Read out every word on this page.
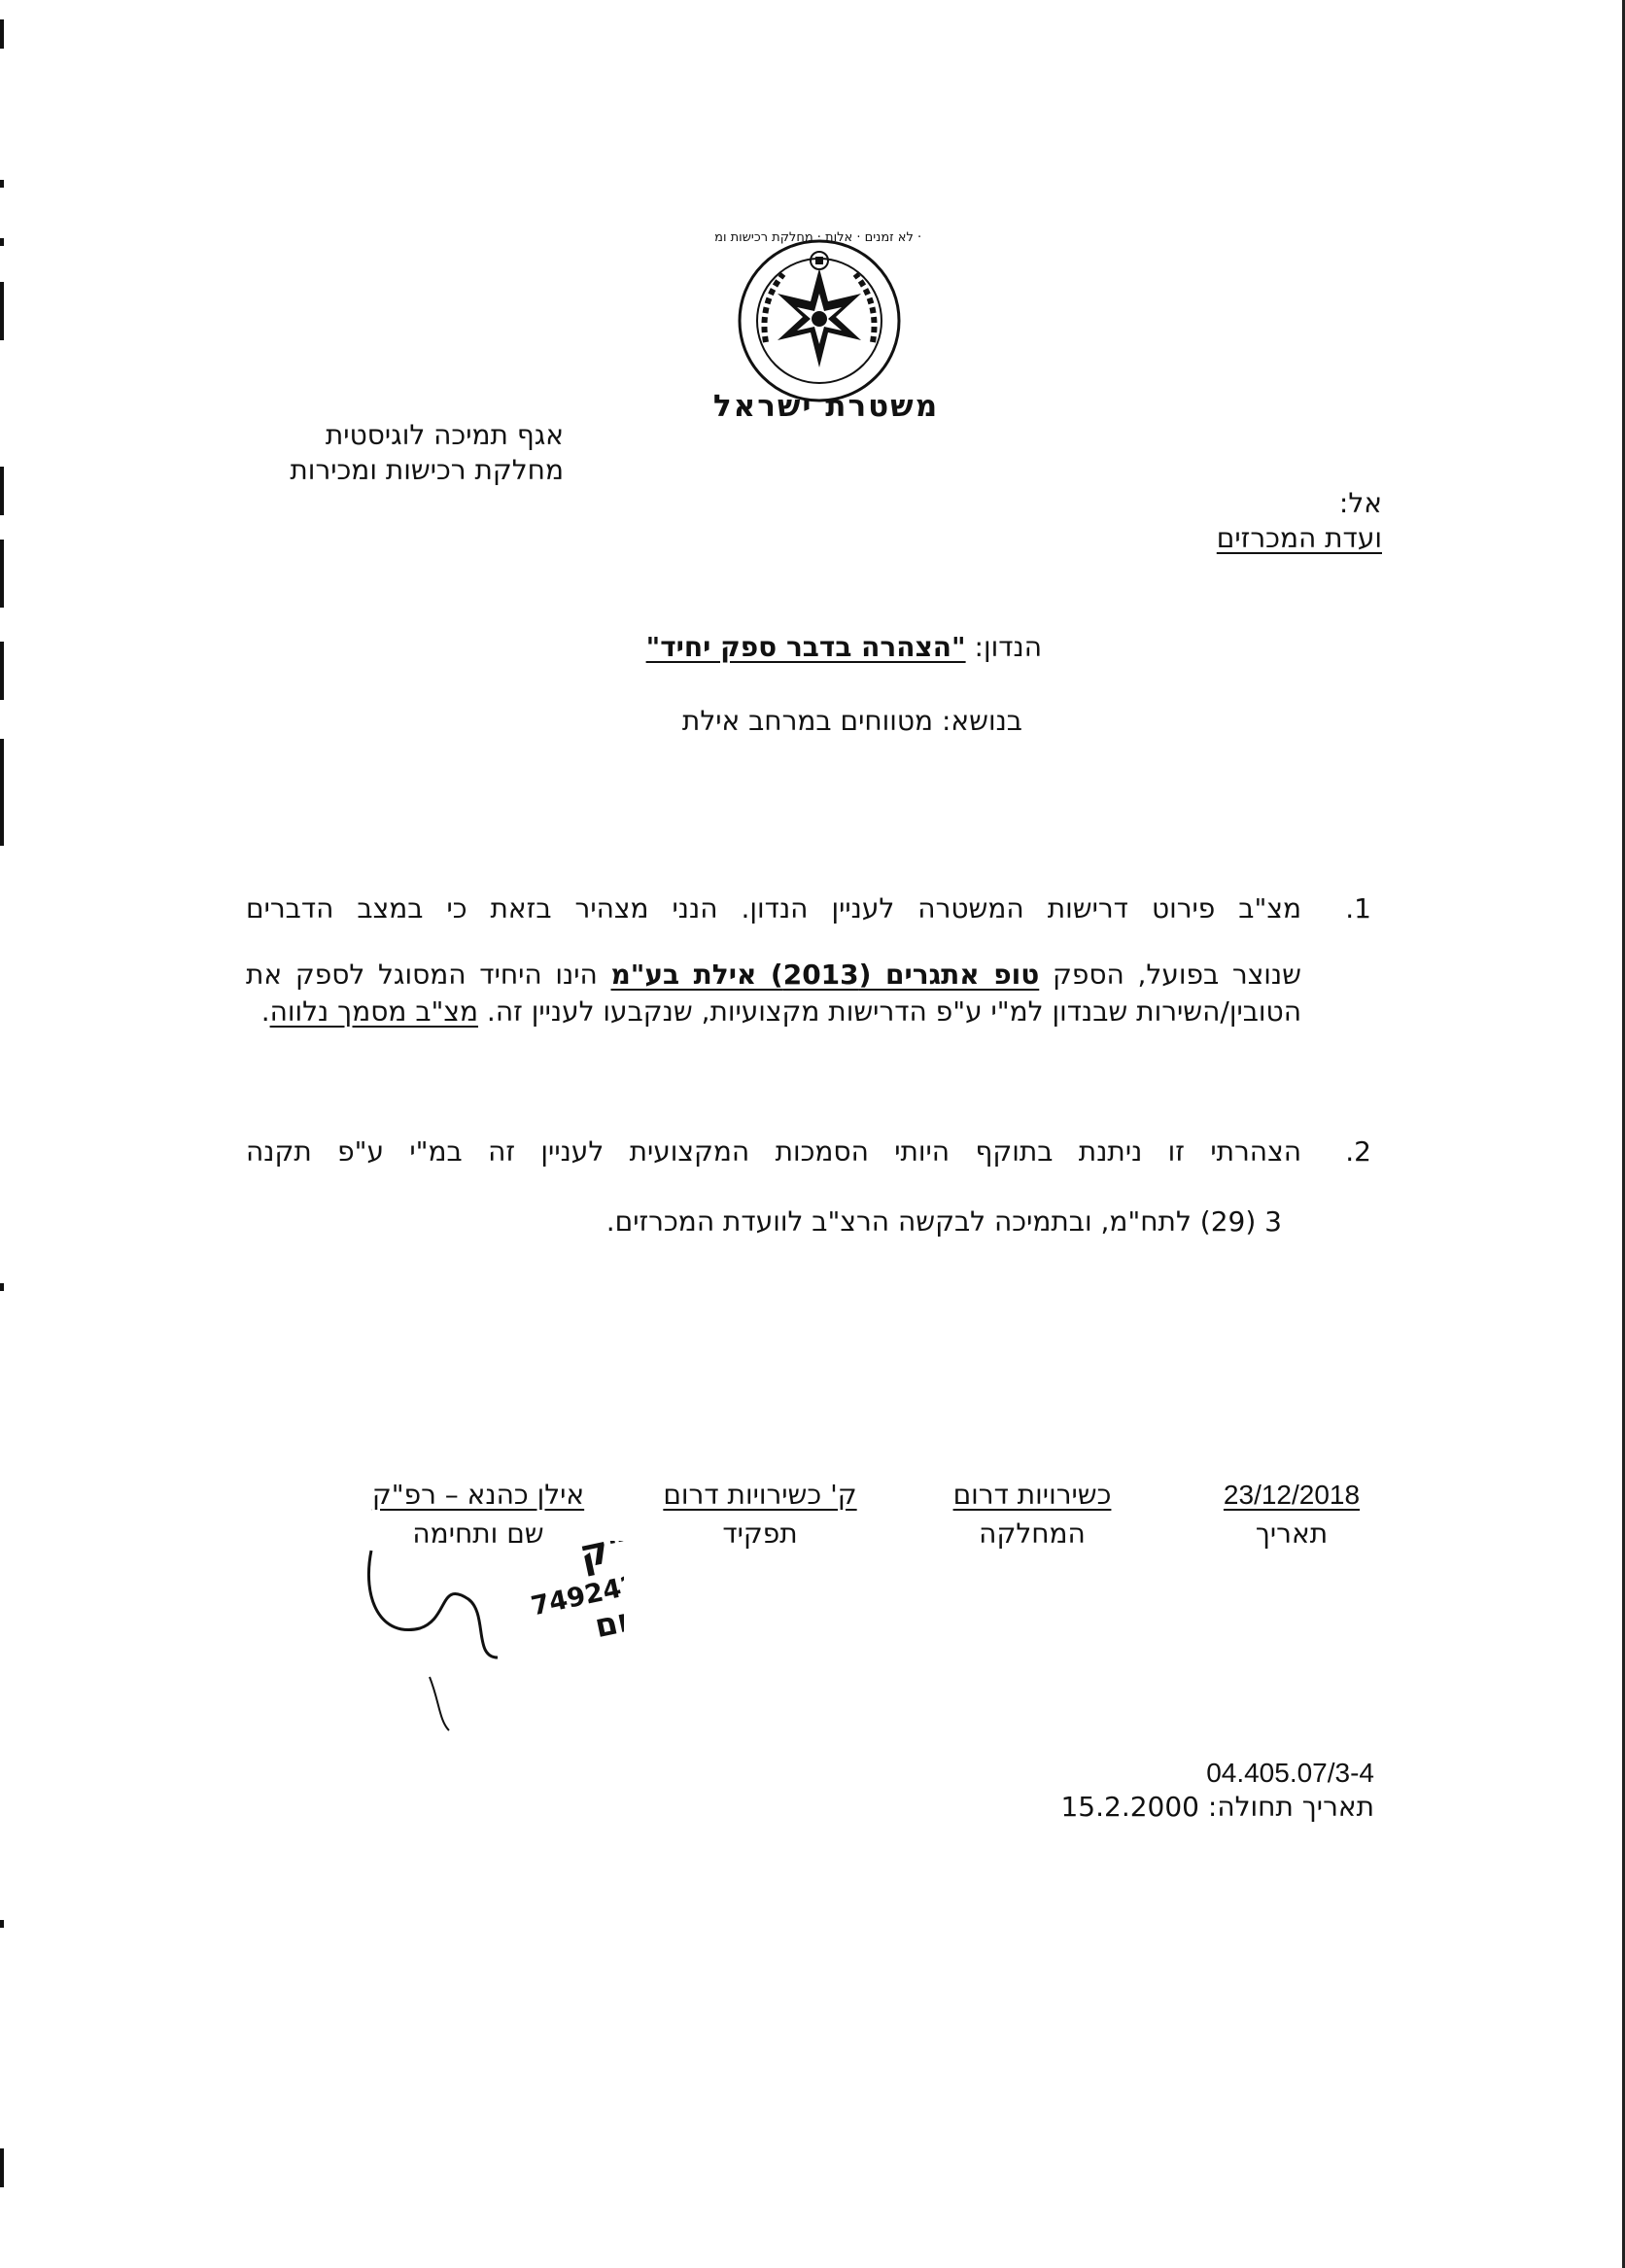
· לא זמנים · אלות · מחלקת רכישות ומ
משטרת ישראל
אגף תמיכה לוגיסטית
מחלקת רכישות ומכירות
אל:
ועדת המכרזים
הנדון: "הצהרה בדבר ספק יחיד"
בנושא: מטווחים במרחב אילת
1.
מצ"ב פירוט דרישות המשטרה לעניין הנדון. הנני מצהיר בזאת כי במצב הדברים
שנוצר בפועל, הספק טופ אתגרים (2013) אילת בע"מ הינו היחיד המסוגל לספק את הטובין/השירות שבנדון למ"י ע"פ הדרישות מקצועיות, שנקבעו לעניין זה. מצ"ב מסמך נלווה.
2.
הצהרתי זו ניתנת בתוקף היותי הסמכות המקצועית לעניין זה במ"י ע"פ תקנה
3 (29) לתח"מ, ובתמיכה לבקשה הרצ"ב לוועדת המכרזים.
23/12/2018
תאריך
כשירויות דרום
המחלקה
ק' כשירויות דרום
תפקיד
אילן כהנא – רפ"ק
שם ותחימה
749242
דרום
04.405.07/3-4
תאריך תחולה: 15.2.2000
